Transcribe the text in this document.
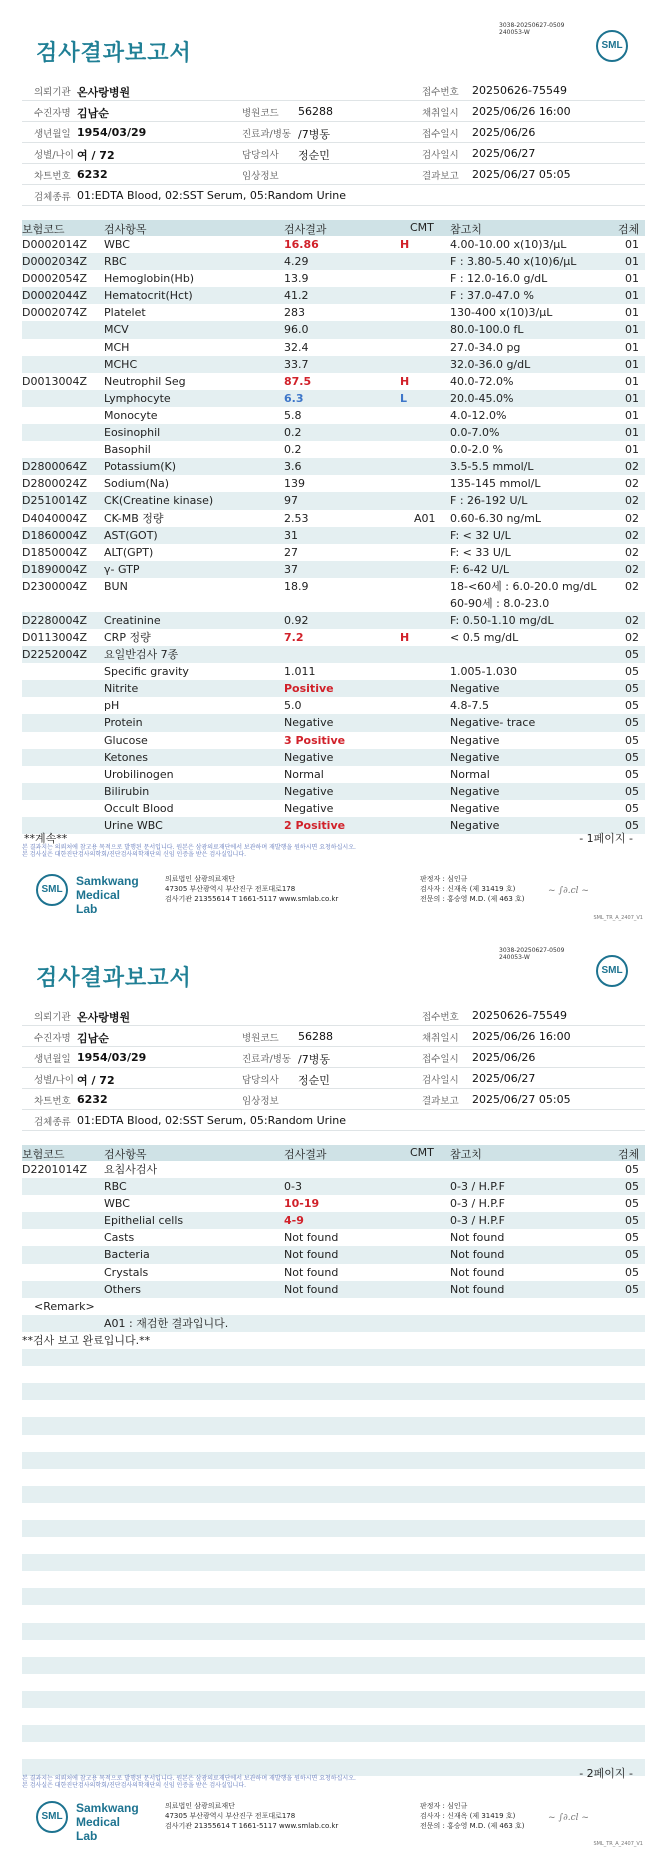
검사결과보고서
3038-20250627-0509
240053-W
SML
의뢰기관 온사랑병원	접수번호 20250626-75549
수진자명 김남순	병원코드 56288	채취일시 2025/06/26 16:00
생년월일 1954/03/29	진료과/병동 /7병동	접수일시 2025/06/26
성별/나이 여 / 72	담당의사 정순민	검사일시 2025/06/27
차트번호 6232	임상정보	결과보고 2025/06/27 05:05
검체종류 01:EDTA Blood, 02:SST Serum, 05:Random Urine
보험코드	검사항목	검사결과	CMT 참고치	검체
D0002014Z WBC	16.86	H	4.00-10.00 x(10)3/μL	01
D0002034Z RBC	4.29	F : 3.80-5.40 x(10)6/μL	01
D0002054Z Hemoglobin(Hb)	13.9	F : 12.0-16.0 g/dL	01
D0002044Z Hematocrit(Hct)	41.2	F : 37.0-47.0 %	01
D0002074Z Platelet	283	130-400 x(10)3/μL	01
MCV	96.0	80.0-100.0 fL	01
MCH	32.4	27.0-34.0 pg	01
MCHC	33.7	32.0-36.0 g/dL	01
D0013004Z Neutrophil Seg	87.5	H	40.0-72.0%	01
Lymphocyte	6.3	L	20.0-45.0%	01
Monocyte	5.8	4.0-12.0%	01
Eosinophil	0.2	0.0-7.0%	01
Basophil	0.2	0.0-2.0 %	01
D2800064Z Potassium(K)	3.6	3.5-5.5 mmol/L	02
D2800024Z Sodium(Na)	139	135-145 mmol/L	02
D2510014Z CK(Creatine kinase)	97	F : 26-192 U/L	02
D4040004Z CK-MB 정량	2.53	A01 0.60-6.30 ng/mL	02
D1860004Z AST(GOT)	31	F: < 32 U/L	02
D1850004Z ALT(GPT)	27	F: < 33 U/L	02
D1890004Z γ- GTP	37	F: 6-42 U/L	02
D2300004Z BUN	18.9	18-<60세 : 6.0-20.0 mg/dL
60-90세 : 8.0-23.0
02
D2280004Z Creatinine	0.92	F: 0.50-1.10 mg/dL	02
D0113004Z CRP 정량	7.2	H	< 0.5 mg/dL	02
D2252004Z 요일반검사 7종	05
Specific gravity	1.011	1.005-1.030	05
Nitrite	Positive	Negative	05
pH	5.0	4.8-7.5	05
Protein	Negative	Negative- trace	05
Glucose	3 Positive	Negative	05
Ketones	Negative	Negative	05
Urobilinogen	Normal	Normal	05
Bilirubin	Negative	Negative	05
Occult Blood	Negative	Negative	05
Urine WBC	2 Positive	Negative	05
**계속**	- 1페이지 -
본 결과지는 의뢰처에 참고용 목적으로 발행된 문서입니다. 원본은 삼광의료재단에서 보관하며 재발행을 원하시면 요청하십시오.
본 검사실은 대한진단검사의학회/진단검사의학재단의 신임 인증을 받은 검사실입니다.
SML
Samkwang
Medical Lab
의료법인 삼광의료재단
47305 부산광역시 부산진구 전포대로178
검사기관 21355614 T 1661-5117 www.smlab.co.kr
판정자 : 심인규
검사자 : 신재옥 (제 31419 호)
전문의 : 홍승영 M.D. (제 463 호)
~ ∫∂.cl ~
SML_TR_A_2407_V1
검사결과보고서
3038-20250627-0509
240053-W
SML
의뢰기관 온사랑병원	접수번호 20250626-75549
수진자명 김남순	병원코드 56288	채취일시 2025/06/26 16:00
생년월일 1954/03/29	진료과/병동 /7병동	접수일시 2025/06/26
성별/나이 여 / 72	담당의사 정순민	검사일시 2025/06/27
차트번호 6232	임상정보	결과보고 2025/06/27 05:05
검체종류 01:EDTA Blood, 02:SST Serum, 05:Random Urine
보험코드	검사항목	검사결과	CMT 참고치	검체
D2201014Z 요침사검사	05
RBC	0-3	0-3 / H.P.F	05
WBC	10-19	0-3 / H.P.F	05
Epithelial cells	4-9	0-3 / H.P.F	05
Casts	Not found	Not found	05
Bacteria	Not found	Not found	05
Crystals	Not found	Not found	05
Others	Not found	Not found	05
<Remark>
A01 : 재검한 결과입니다.
**검사 보고 완료입니다.**
- 2페이지 -
본 결과지는 의뢰처에 참고용 목적으로 발행된 문서입니다. 원본은 삼광의료재단에서 보관하며 재발행을 원하시면 요청하십시오.
본 검사실은 대한진단검사의학회/진단검사의학재단의 신임 인증을 받은 검사실입니다.
SML
Samkwang
Medical Lab
의료법인 삼광의료재단
47305 부산광역시 부산진구 전포대로178
검사기관 21355614 T 1661-5117 www.smlab.co.kr
판정자 : 심인규
검사자 : 신재옥 (제 31419 호)
전문의 : 홍승영 M.D. (제 463 호)
~ ∫∂.cl ~
SML_TR_A_2407_V1
